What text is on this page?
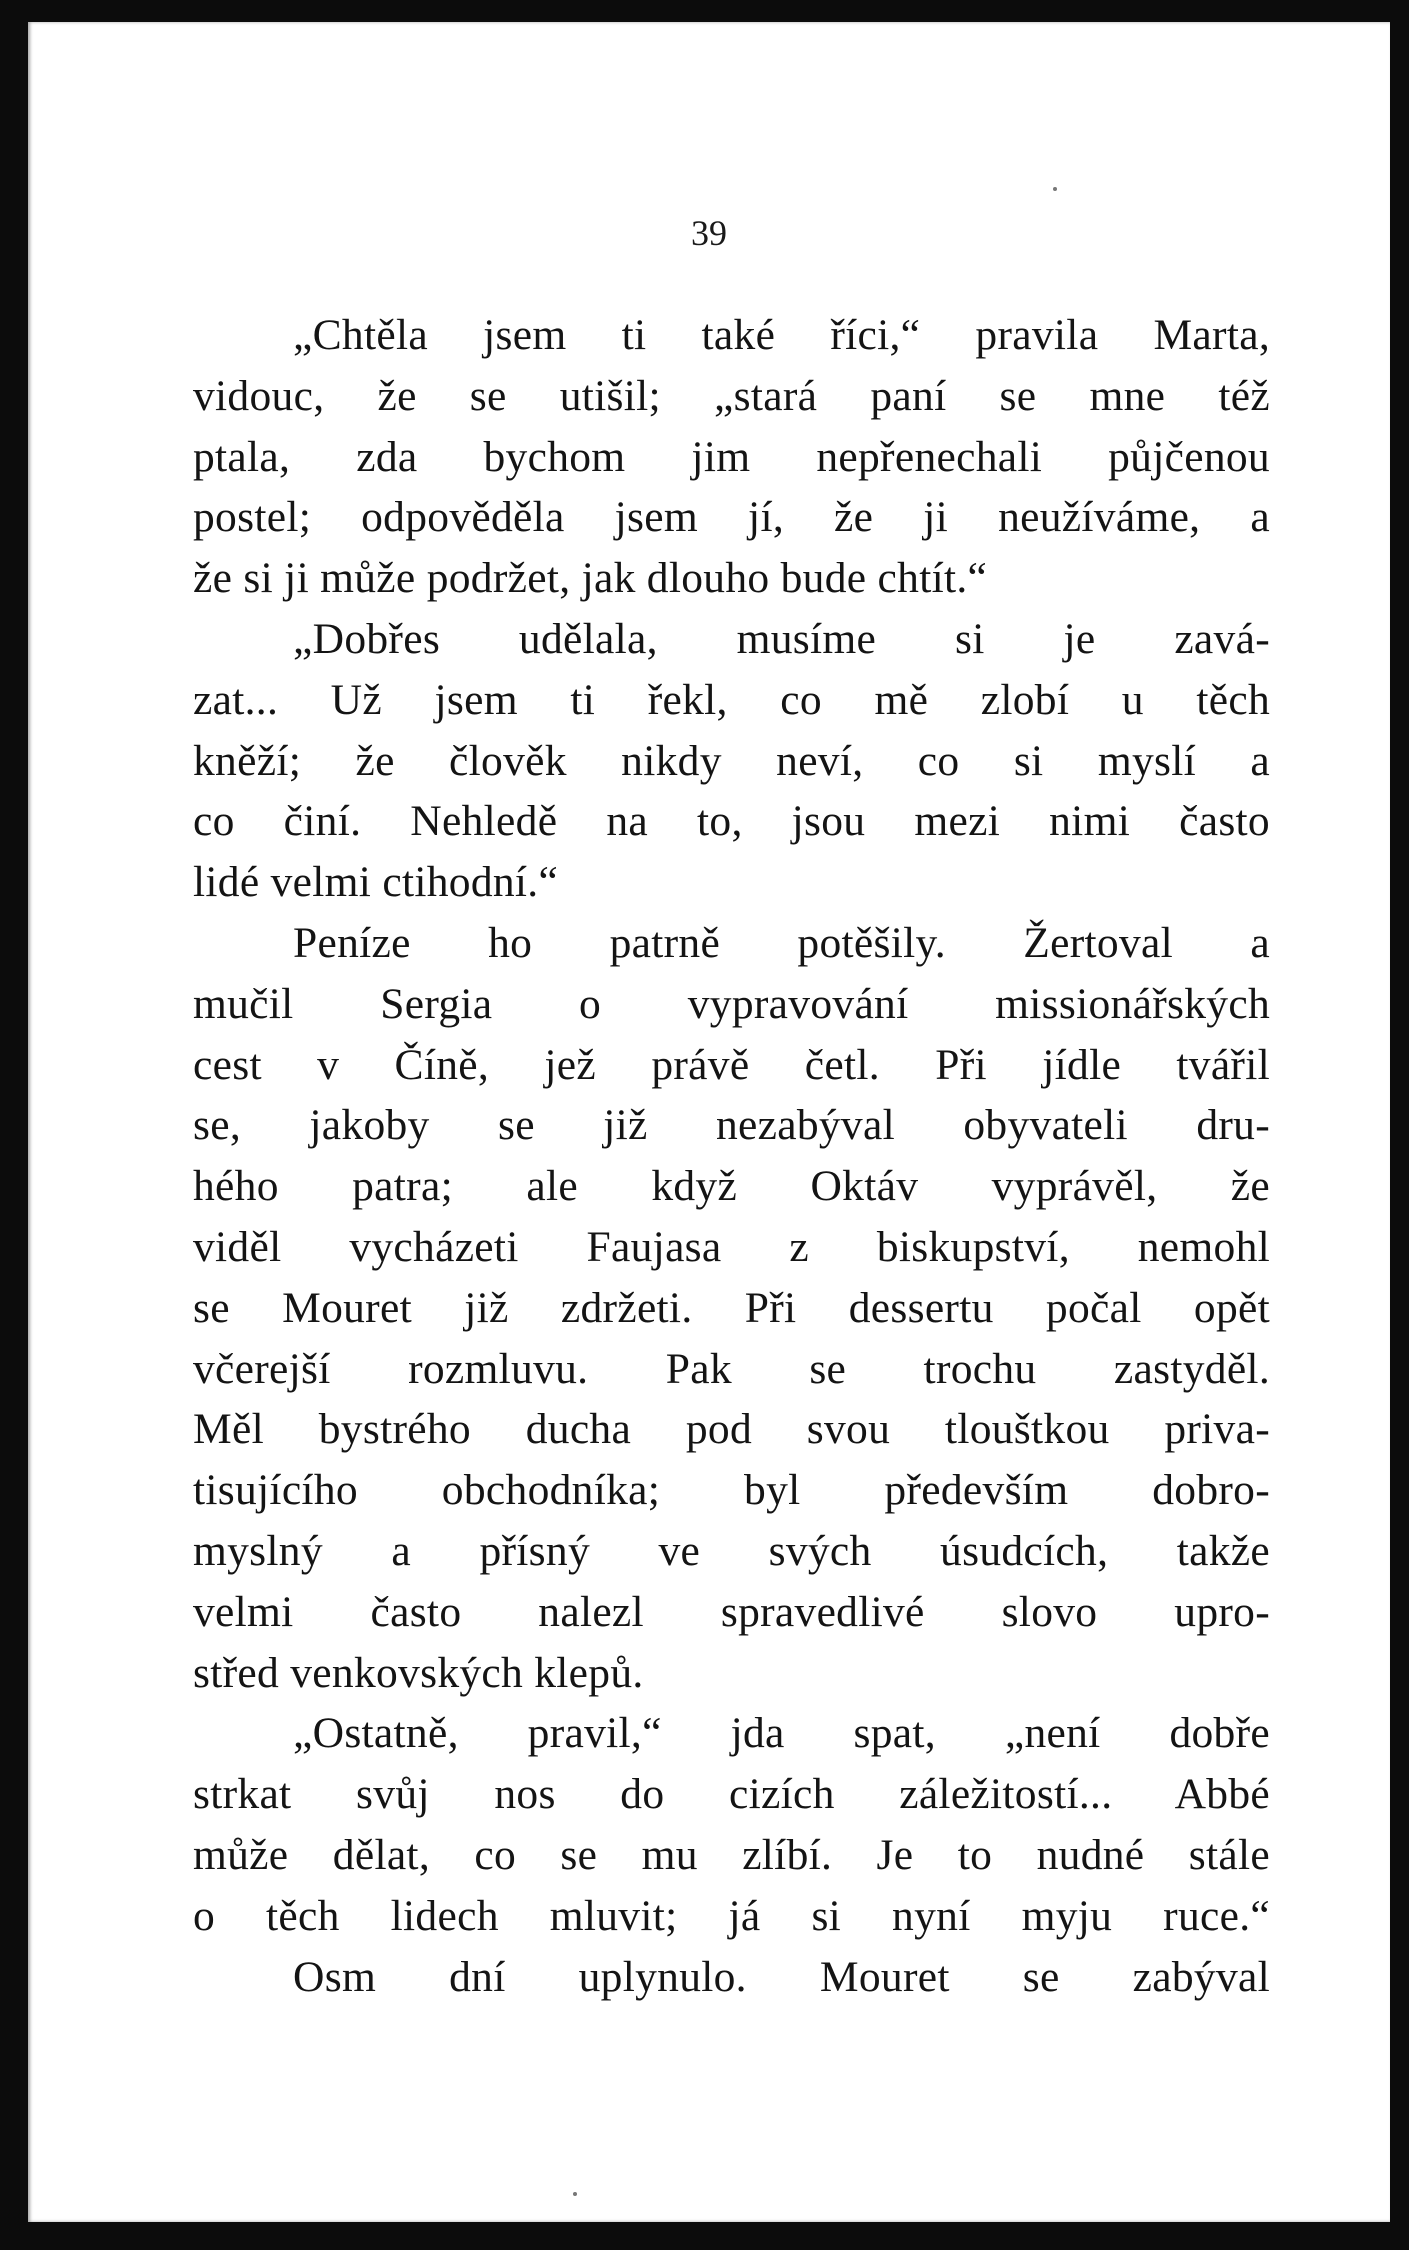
39
„Chtěla jsem ti také říci,“ pravila Marta,
vidouc, že se utišil; „stará paní se mne též
ptala, zda bychom jim nepřenechali půjčenou
postel; odpověděla jsem jí, že ji neužíváme, a
že si ji může podržet, jak dlouho bude chtít.“
„Dobřes udělala, musíme si je zavá-
zat... Už jsem ti řekl, co mě zlobí u těch
kněží; že člověk nikdy neví, co si myslí a
co činí. Nehledě na to, jsou mezi nimi často
lidé velmi ctihodní.“
Peníze ho patrně potěšily. Žertoval a
mučil Sergia o vypravování missionářských
cest v Číně, jež právě četl. Při jídle tvářil
se, jakoby se již nezabýval obyvateli dru-
hého patra; ale když Oktáv vyprávěl, že
viděl vycházeti Faujasa z biskupství, nemohl
se Mouret již zdržeti. Při dessertu počal opět
včerejší rozmluvu. Pak se trochu zastyděl.
Měl bystrého ducha pod svou tlouštkou priva-
tisujícího obchodníka; byl především dobro-
myslný a přísný ve svých úsudcích, takže
velmi často nalezl spravedlivé slovo upro-
střed venkovských klepů.
„Ostatně, pravil,“ jda spat, „není dobře
strkat svůj nos do cizích záležitostí... Abbé
může dělat, co se mu zlíbí. Je to nudné stále
o těch lidech mluvit; já si nyní myju ruce.“
Osm dní uplynulo. Mouret se zabýval
